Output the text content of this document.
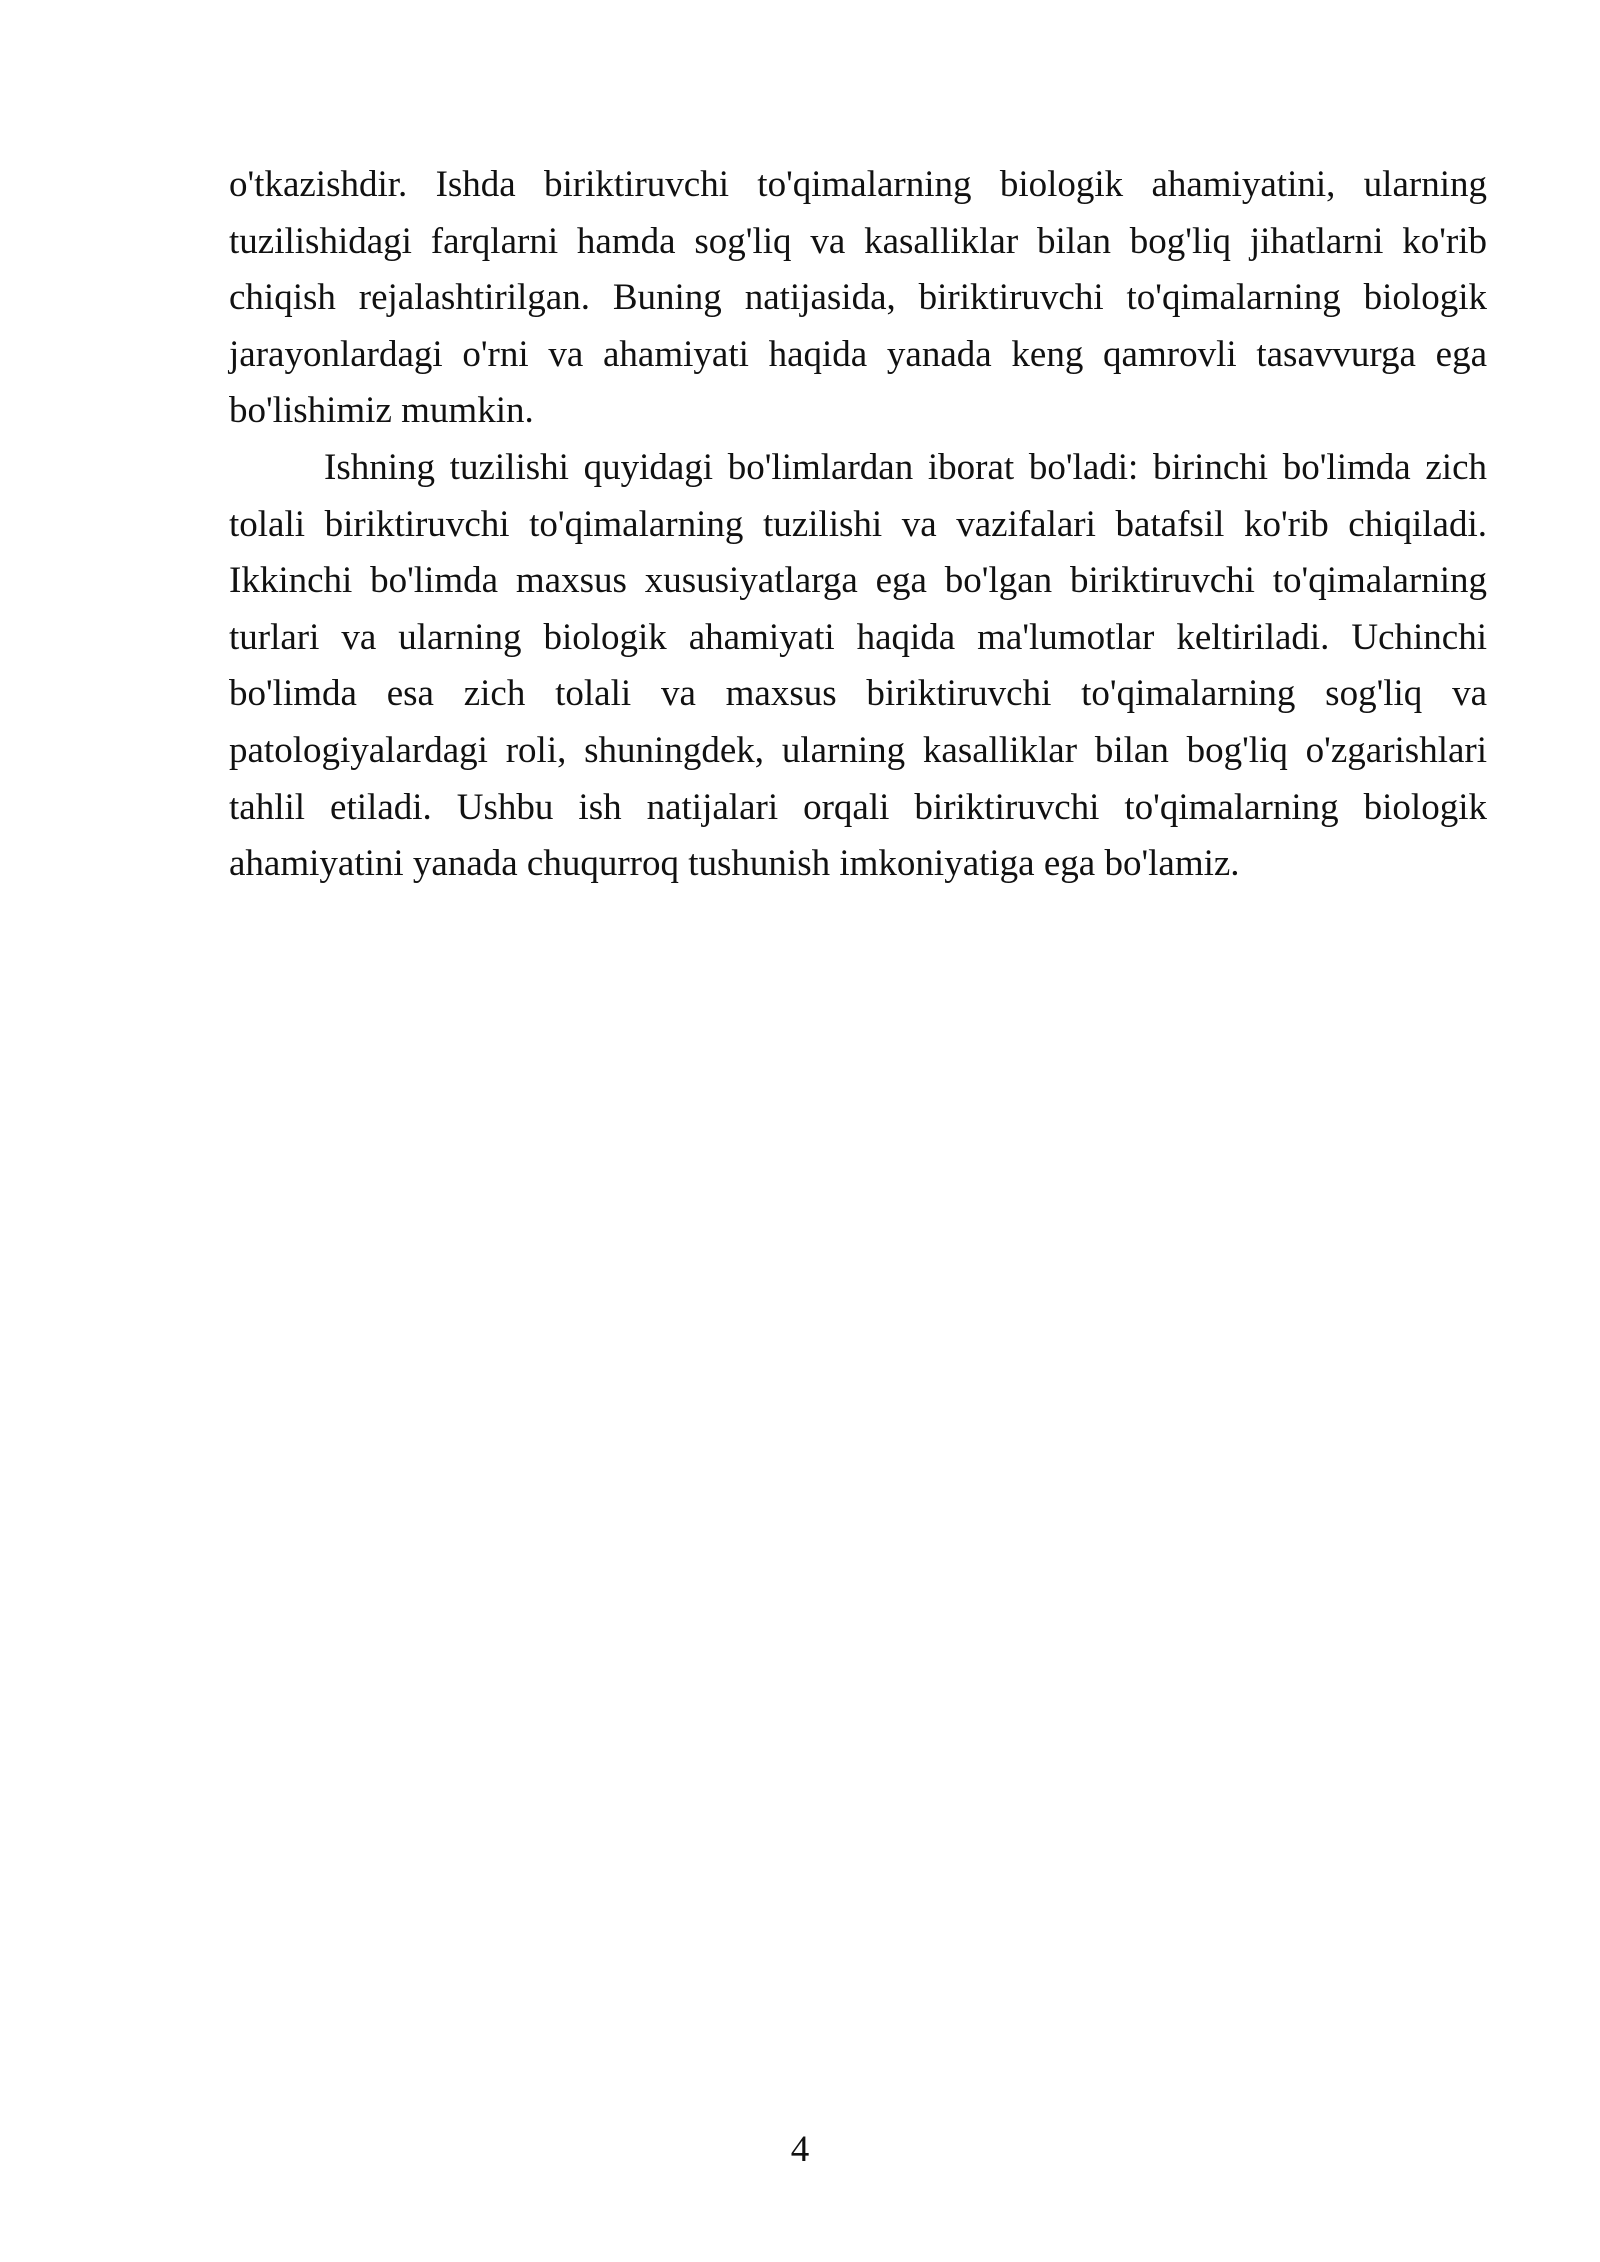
o'tkazishdir. Ishda biriktiruvchi to'qimalarning biologik ahamiyatini, ularning tuzilishidagi farqlarni hamda sog'liq va kasalliklar bilan bog'liq jihatlarni ko'rib chiqish rejalashtirilgan. Buning natijasida, biriktiruvchi to'qimalarning biologik jarayonlardagi o'rni va ahamiyati haqida yanada keng qamrovli tasavvurga ega bo'lishimiz mumkin.

Ishning tuzilishi quyidagi bo'limlardan iborat bo'ladi: birinchi bo'limda zich tolali biriktiruvchi to'qimalarning tuzilishi va vazifalari batafsil ko'rib chiqiladi. Ikkinchi bo'limda maxsus xususiyatlarga ega bo'lgan biriktiruvchi to'qimalarning turlari va ularning biologik ahamiyati haqida ma'lumotlar keltiriladi. Uchinchi bo'limda esa zich tolali va maxsus biriktiruvchi to'qimalarning sog'liq va patologiyalardagi roli, shuningdek, ularning kasalliklar bilan bog'liq o'zgarishlari tahlil etiladi. Ushbu ish natijalari orqali biriktiruvchi to'qimalarning biologik ahamiyatini yanada chuqurroq tushunish imkoniyatiga ega bo'lamiz.

4
